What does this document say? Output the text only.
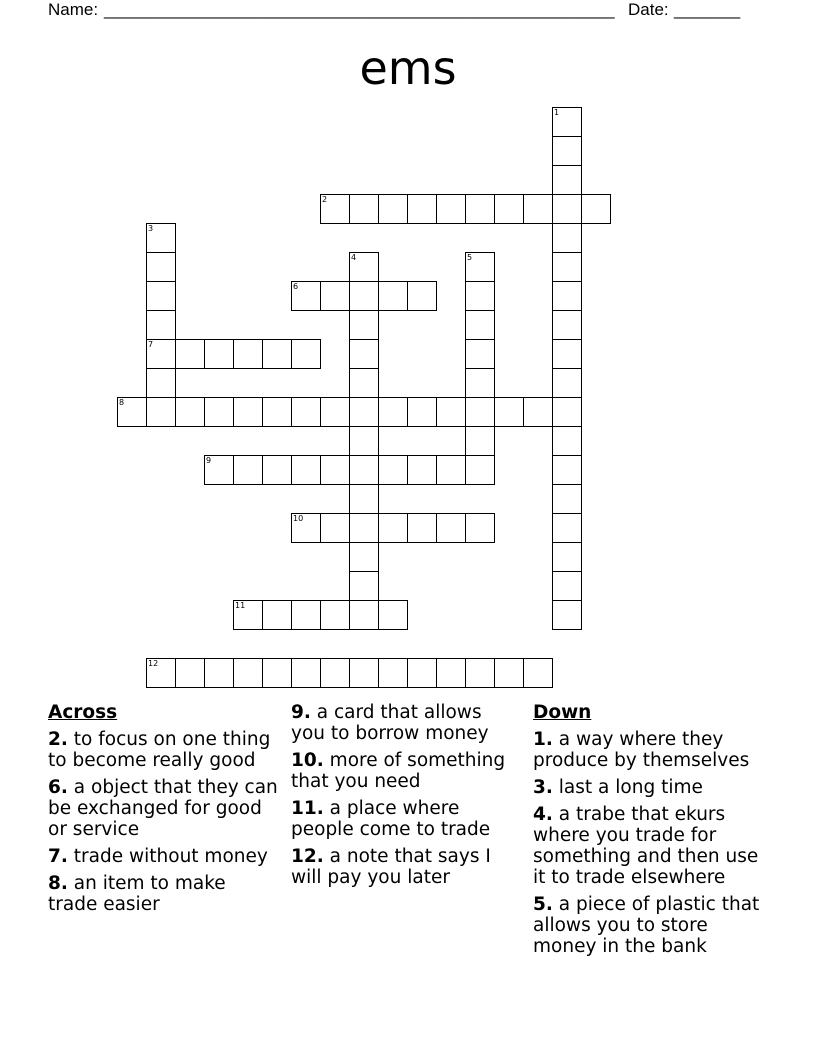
Name: ______________________________________________________ Date: _______
ems
1
2
3
7
4	5
6
8
9
10
11
12
Across
2. to focus on one thing to become really good
6. a object that they can be exchanged for good or service
7. trade without money
8. an item to make trade easier
9. a card that allows you to borrow money
10. more of something that you need
11. a place where people come to trade
12. a note that says I will pay you later
Down
1. a way where they produce by themselves
3. last a long time
4. a trabe that ekurs where you trade for something and then use it to trade elsewhere
5. a piece of plastic that allows you to store money in the bank
